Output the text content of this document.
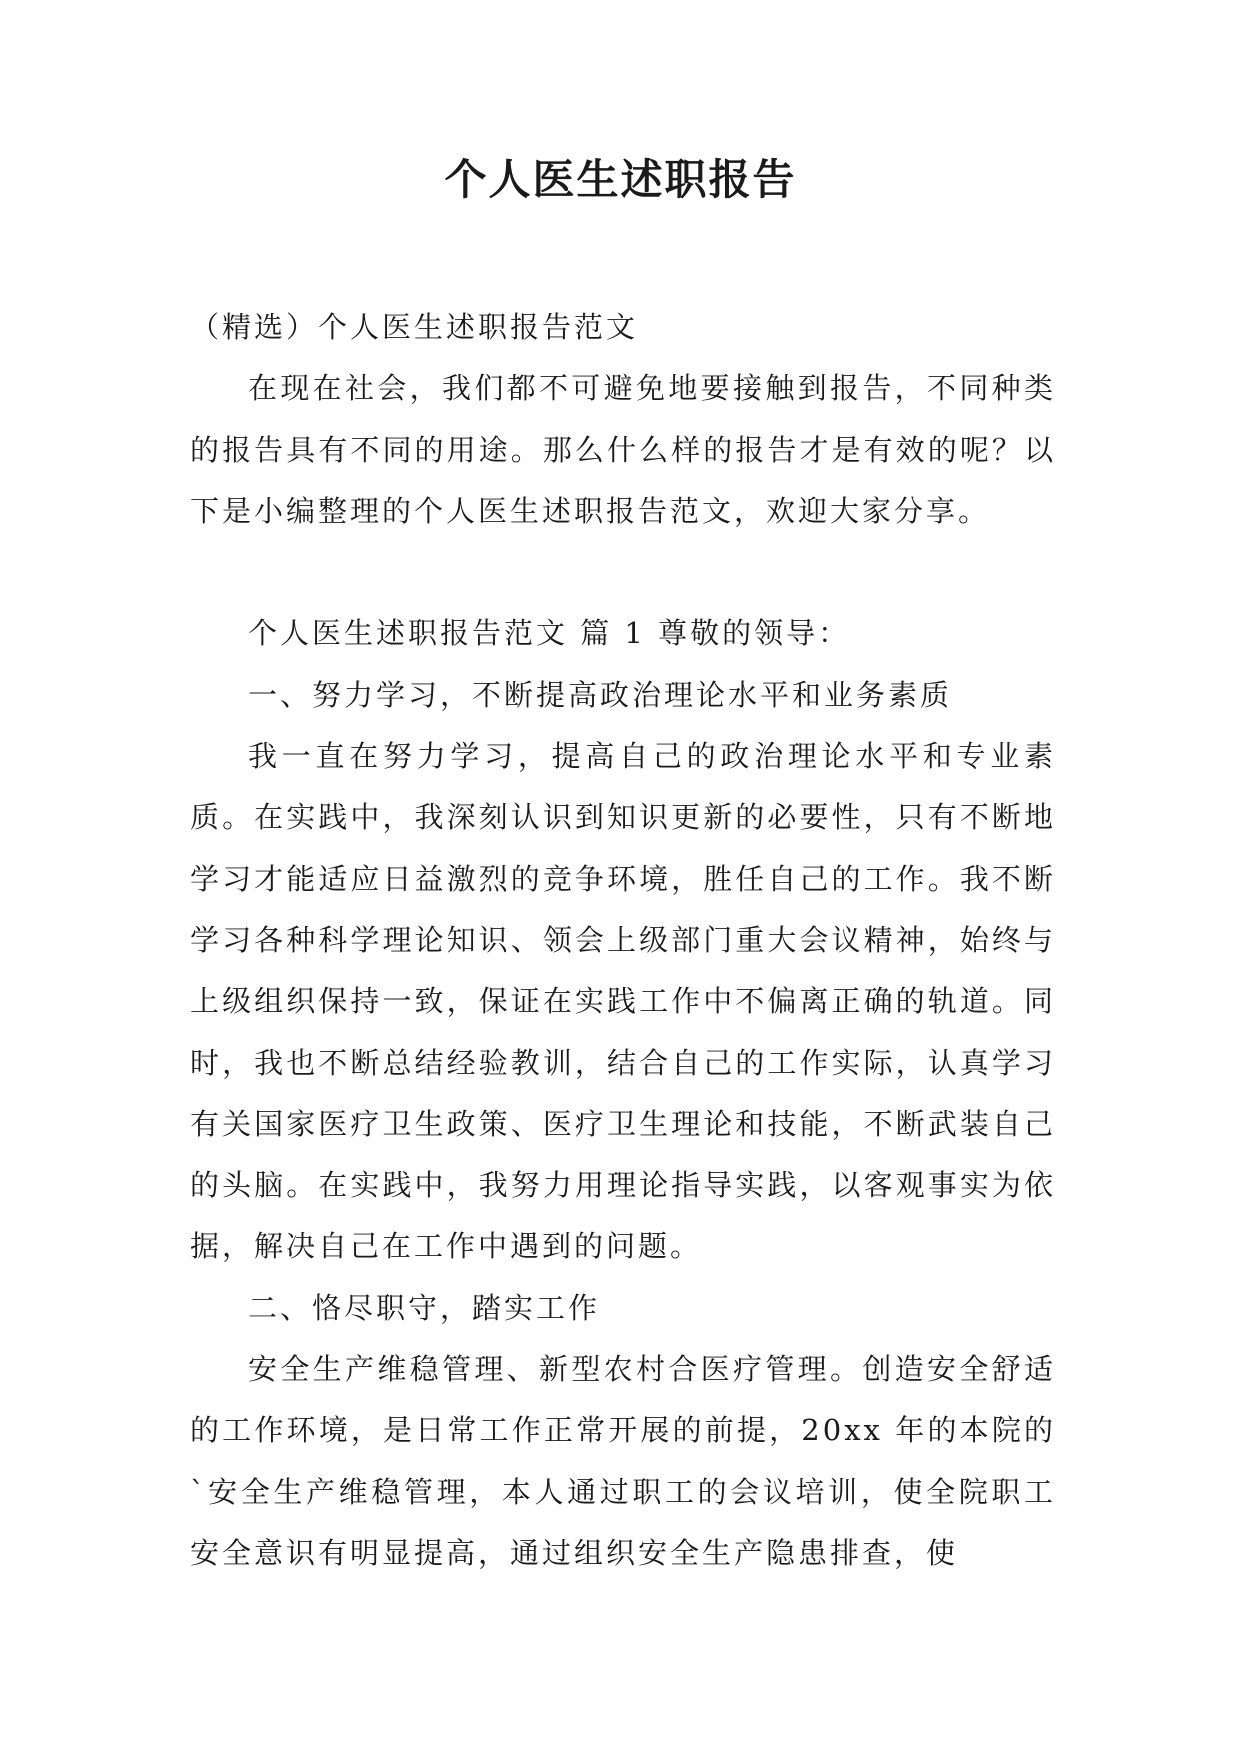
个人医生述职报告

（精选）个人医生述职报告范文

在现在社会，我们都不可避免地要接触到报告，不同种类的报告具有不同的用途。那么什么样的报告才是有效的呢？以下是小编整理的个人医生述职报告范文，欢迎大家分享。

个人医生述职报告范文 篇 1 尊敬的领导：

一、努力学习，不断提高政治理论水平和业务素质

我一直在努力学习，提高自己的政治理论水平和专业素质。在实践中，我深刻认识到知识更新的必要性，只有不断地学习才能适应日益激烈的竞争环境，胜任自己的工作。我不断学习各种科学理论知识、领会上级部门重大会议精神，始终与上级组织保持一致，保证在实践工作中不偏离正确的轨道。同时，我也不断总结经验教训，结合自己的工作实际，认真学习有关国家医疗卫生政策、医疗卫生理论和技能，不断武装自己的头脑。在实践中，我努力用理论指导实践，以客观事实为依据，解决自己在工作中遇到的问题。

二、恪尽职守，踏实工作

安全生产维稳管理、新型农村合医疗管理。创造安全舒适的工作环境，是日常工作正常开展的前提，20xx 年的本院的`安全生产维稳管理，本人通过职工的会议培训，使全院职工安全意识有明显提高，通过组织安全生产隐患排查，使
